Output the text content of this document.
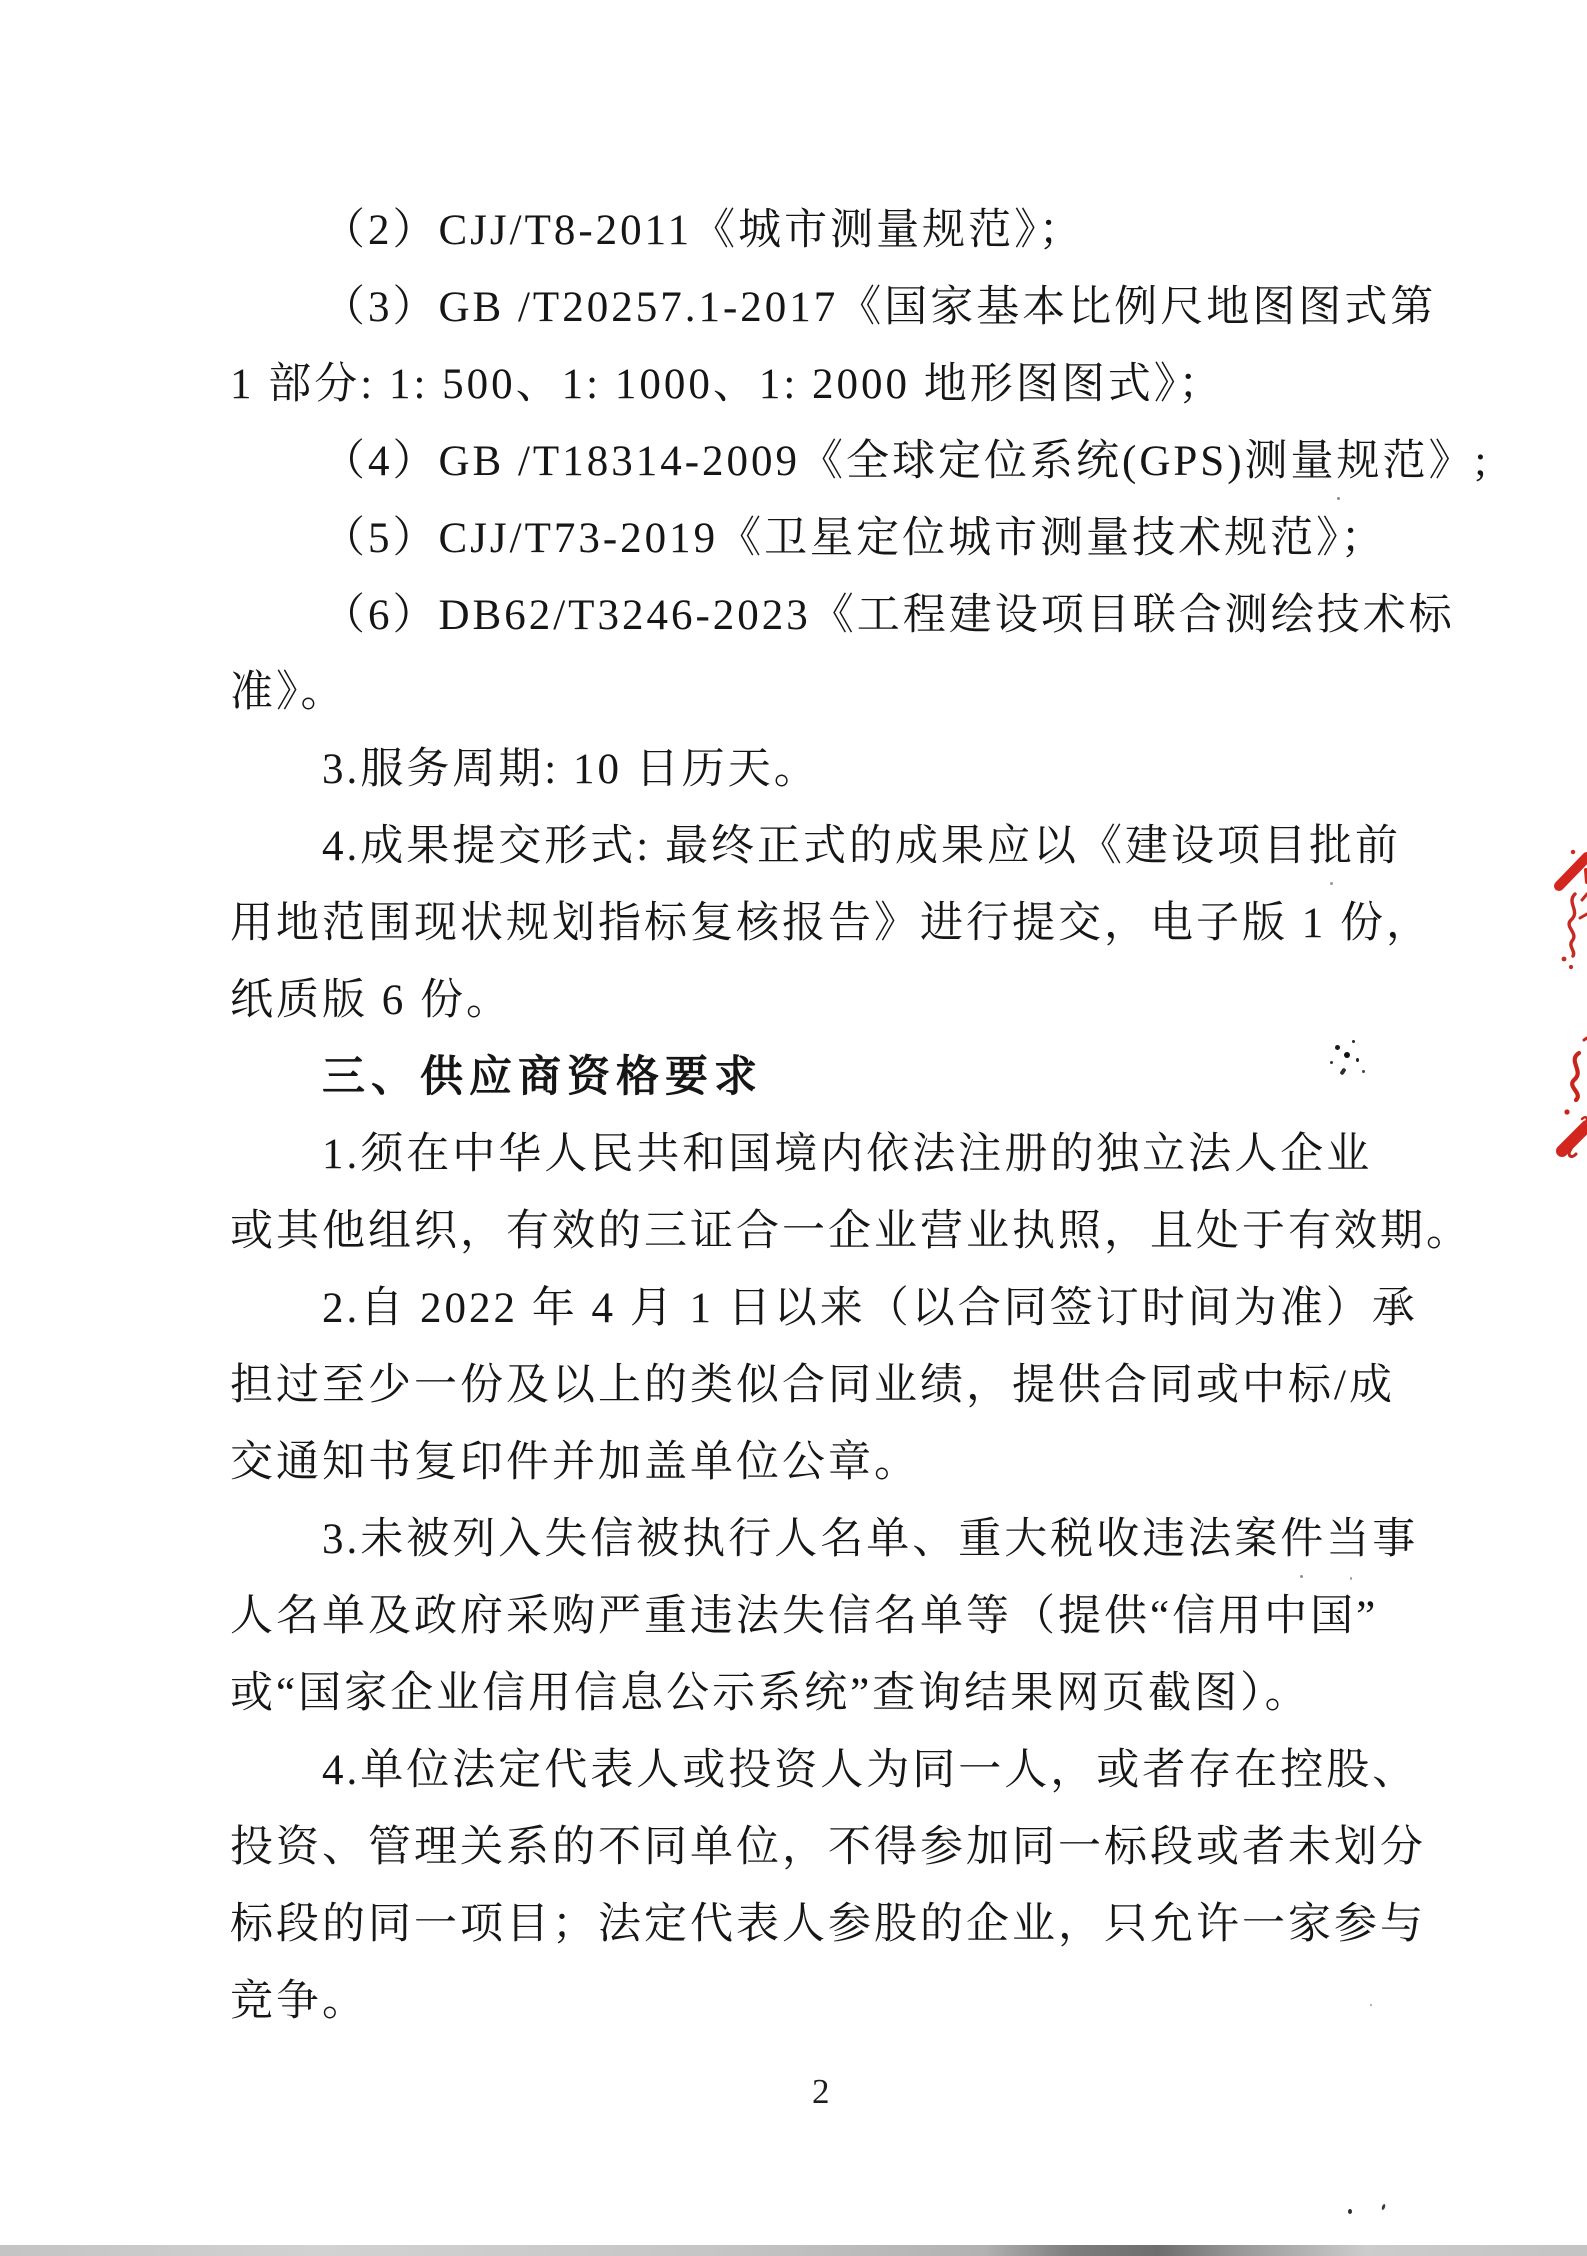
（2）CJJ/T8-2011《城市测量规范》；
（3）GB /T20257.1-2017《国家基本比例尺地图图式第
1 部分: 1: 500、1: 1000、1: 2000 地形图图式》；
（4）GB /T18314-2009《全球定位系统(GPS)测量规范》;
（5）CJJ/T73-2019《卫星定位城市测量技术规范》；
（6）DB62/T3246-2023《工程建设项目联合测绘技术标
准》。
3.服务周期: 10 日历天。
4.成果提交形式: 最终正式的成果应以《建设项目批前
用地范围现状规划指标复核报告》进行提交，电子版 1 份，
纸质版 6 份。
三、供应商资格要求
1.须在中华人民共和国境内依法注册的独立法人企业
或其他组织，有效的三证合一企业营业执照，且处于有效期。
2.自 2022 年 4 月 1 日以来（以合同签订时间为准）承
担过至少一份及以上的类似合同业绩，提供合同或中标/成
交通知书复印件并加盖单位公章。
3.未被列入失信被执行人名单、重大税收违法案件当事
人名单及政府采购严重违法失信名单等（提供“信用中国”
或“国家企业信用信息公示系统”查询结果网页截图）。
4.单位法定代表人或投资人为同一人，或者存在控股、
投资、管理关系的不同单位，不得参加同一标段或者未划分
标段的同一项目；法定代表人参股的企业，只允许一家参与
竞争。
2
